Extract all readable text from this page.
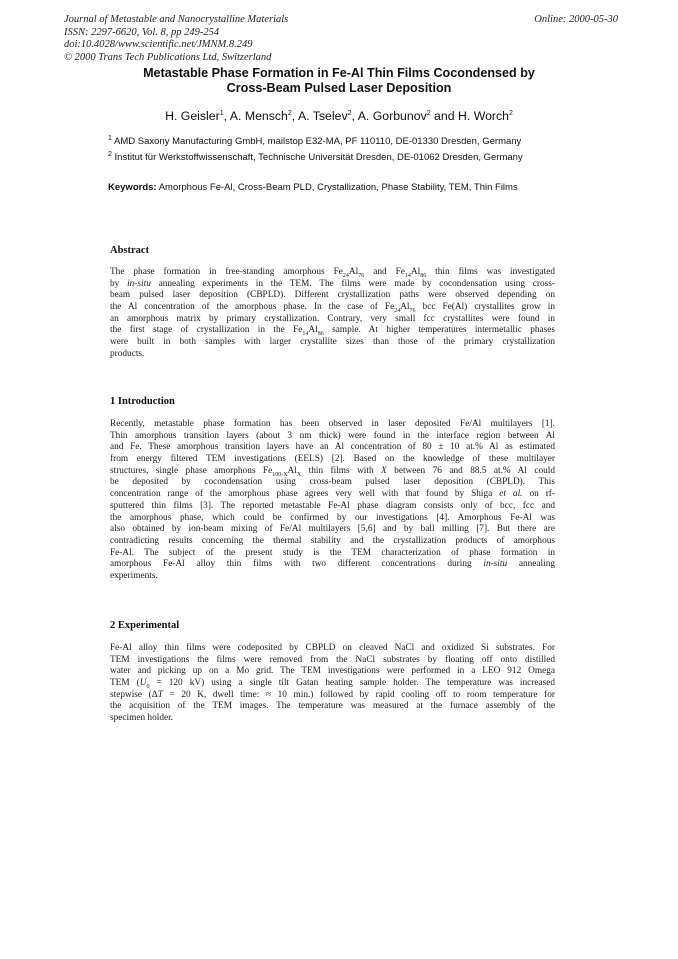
Journal of Metastable and Nanocrystalline Materials
ISSN: 2297-6620, Vol. 8, pp 249-254
doi:10.4028/www.scientific.net/JMNM.8.249
© 2000 Trans Tech Publications Ltd, Switzerland
Online: 2000-05-30
Metastable Phase Formation in Fe-Al Thin Films Cocondensed by
Cross-Beam Pulsed Laser Deposition
H. Geisler$^1$, A. Mensch$^2$, A. Tselev$^2$, A. Gorbunov$^2$ and H. Worch$^2$
$^1$ AMD Saxony Manufacturing GmbH, mailstop E32-MA, PF 110110, DE-01330 Dresden, Germany
$^2$ Institut für Werkstoffwissenschaft, Technische Universität Dresden, DE-01062 Dresden, Germany
Keywords: Amorphous Fe-Al, Cross-Beam PLD, Crystallization, Phase Stability, TEM, Thin Films
Abstract
The phase formation in free-standing amorphous $Fe_{24}Al_{76}$ and $Fe_{14}Al_{86}$ thin films was investigated
by in-situ annealing experiments in the TEM. The films were made by cocondensation using cross-
beam pulsed laser deposition (CBPLD). Different crystallization paths were observed depending on
the Al concentration of the amorphous phase. In the case of $Fe_{24}Al_{76}$ bcc Fe(Al) crystallites grow in
an amorphous matrix by primary crystallization. Contrary, very small fcc crystallites were found in
the first stage of crystallization in the $Fe_{14}Al_{86}$ sample. At higher temperatures intermetallic phases
were built in both samples with larger crystallite sizes than those of the primary crystallization
products.
1 Introduction
Recently, metastable phase formation has been observed in laser deposited Fe/Al multilayers [1].
Thin amorphous transition layers (about 3 nm thick) were found in the interface region between Al
and Fe. These amorphous transition layers have an Al concentration of 80 ± 10 at.% Al as estimated
from energy filtered TEM investigations (EELS) [2]. Based on the knowledge of these multilayer
structures, single phase amorphous $Fe_{100-X}Al_X$ thin films with X between 76 and 88.5 at.% Al could
be deposited by cocondensation using cross-beam pulsed laser deposition (CBPLD). This
concentration range of the amorphous phase agrees very well with that found by Shiga et al. on rf-
sputtered thin films [3]. The reported metastable Fe-Al phase diagram consists only of bcc, fcc and
the amorphous phase, which could be confirmed by our investigations [4]. Amorphous Fe-Al was
also obtained by ion-beam mixing of Fe/Al multilayers [5,6] and by ball milling [7]. But there are
contradicting results concerning the thermal stability and the crystallization products of amorphous
Fe-Al. The subject of the present study is the TEM characterization of phase formation in
amorphous Fe-Al alloy thin films with two different concentrations during in-situ annealing
experiments.
2 Experimental
Fe-Al alloy thin films were codeposited by CBPLD on cleaved NaCl and oxidized Si substrates. For
TEM investigations the films were removed from the NaCl substrates by floating off onto distilled
water and picking up on a Mo grid. The TEM investigations were performed in a LEO 912 Omega
TEM ($U_0 = 120$ kV) using a single tilt Gatan heating sample holder. The temperature was increased
stepwise (ΔT = 20 K, dwell time: ≈ 10 min.) followed by rapid cooling off to room temperature for
the acquisition of the TEM images. The temperature was measured at the furnace assembly of the
specimen holder.
